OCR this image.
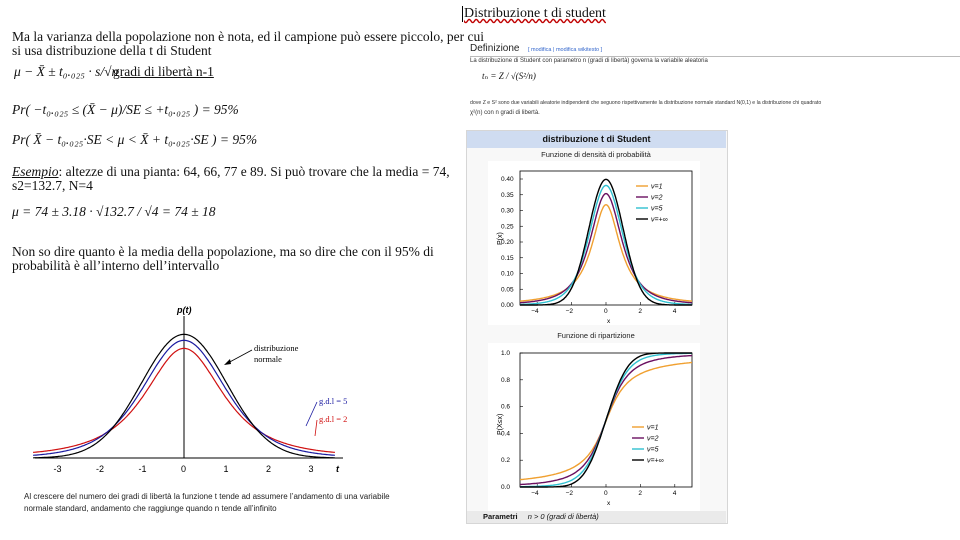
Ma la varianza della popolazione non è nota, ed il campione può essere piccolo, per cui
si usa distribuzione della t di Student
μ − X̄ ± t₀.₀₂₅ · s/√n
gradi di libertà n-1
Pr( −t₀.₀₂₅ ≤ (X̄ − μ)/SE ≤ +t₀.₀₂₅ ) = 95%
Pr( X̄ − t₀.₀₂₅·SE < μ < X̄ + t₀.₀₂₅·SE ) = 95%
Esempio: altezze di una pianta: 64, 66, 77 e 89. Si può trovare che la media = 74,
s2=132.7, N=4
μ = 74 ± 3.18 · √132.7 / √4 = 74 ± 18
Non so dire quanto è la media della popolazione, ma so dire che con il 95% di
probabilità è all’interno dell’intervallo
p(t)
t
-3	-2	-1	0	1	2	3
distribuzione
normale
g.d.l = 5
g.d.l = 2
Al crescere del numero dei gradi di libertà la funzione t tende ad assumere l’andamento di una variabile
normale standard, andamento che raggiunge quando n tende all’infinito
Distribuzione t di student
Definizione [ modifica | modifica wikitesto ]
La distribuzione di Student con parametro n (gradi di libertà) governa la variabile aleatoria
tₙ = Z / √(S²/n)
dove Z e S² sono due variabili aleatorie indipendenti che seguono rispettivamente la distribuzione normale standard N(0,1) e la distribuzione chi quadrato
χ²(n) con n gradi di libertà.
distribuzione t di Student
Funzione di densità di probabilità
−4	−2	0	2	4
0.40
0.35
0.30
0.25
0.20
0.15
0.10
0.05
0.00
ν=1
ν=2
ν=5
ν=+∞
P(x)
x
Funzione di ripartizione
−4	−2	0	2	4
1.0
0.8
0.6
0.4
0.2
0.0
ν=1
ν=2
ν=5
ν=+∞
P(X≤x)
x
Parametri n > 0 (gradi di libertà)
